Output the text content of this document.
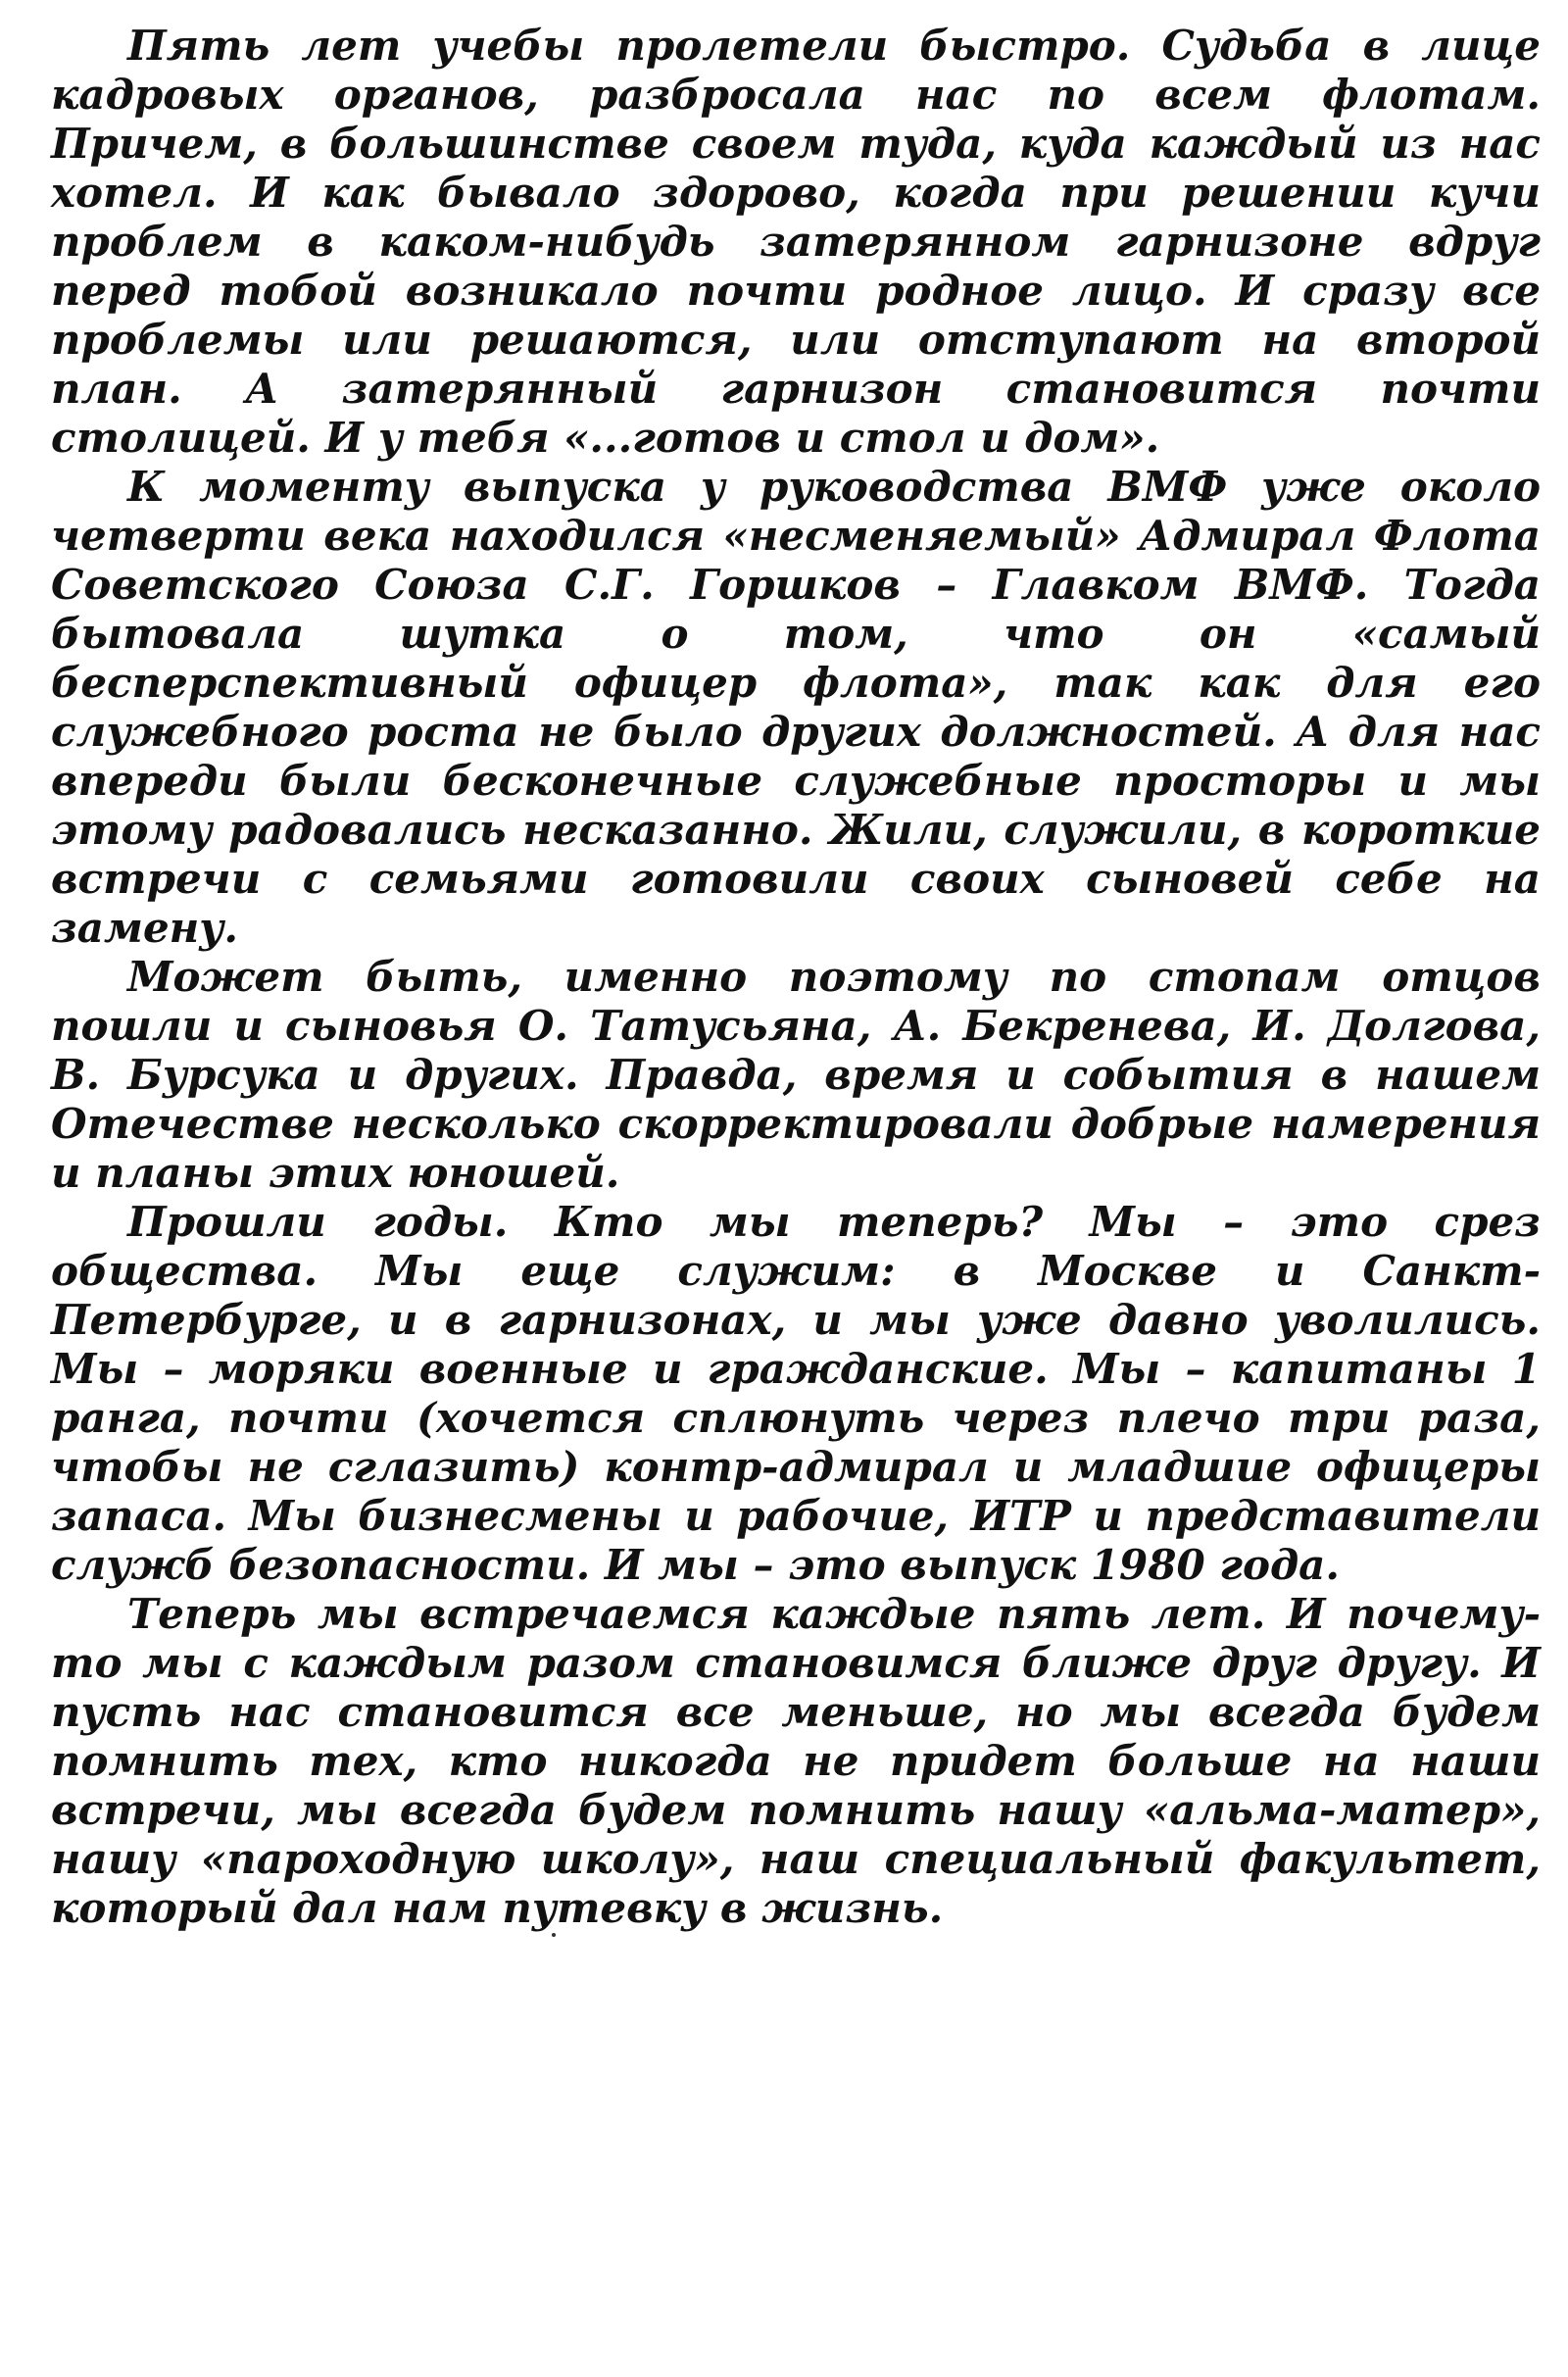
Пять лет учебы пролетели быстро. Судьба в лице кадровых органов, разбросала нас по всем флотам. Причем, в большинстве своем туда, куда каждый из нас хотел. И как бывало здорово, когда при решении кучи проблем в каком-нибудь затерянном гарнизоне вдруг перед тобой возникало почти родное лицо. И сразу все проблемы или решаются, или отступают на второй план. А затерянный гарнизон становится почти столицей. И у тебя «...готов и стол и дом».

К моменту выпуска у руководства ВМФ уже около четверти века находился «несменяемый» Адмирал Флота Советского Союза С.Г. Горшков – Главком ВМФ. Тогда бытовала шутка о том, что он «самый бесперспективный офицер флота», так как для его служебного роста не было других должностей. А для нас впереди были бесконечные служебные просторы и мы этому радовались несказанно. Жили, служили, в короткие встречи с семьями готовили своих сыновей себе на замену.

Может быть, именно поэтому по стопам отцов пошли и сыновья О. Татусьяна, А. Бекренева, И. Долгова, В. Бурсука и других. Правда, время и события в нашем Отечестве несколько скорректировали добрые намерения и планы этих юношей.

Прошли годы. Кто мы теперь? Мы – это срез общества. Мы еще служим: в Москве и Санкт-Петербурге, и в гарнизонах, и мы уже давно уволились. Мы – моряки военные и гражданские. Мы – капитаны 1 ранга, почти (хочется сплюнуть через плечо три раза, чтобы не сглазить) контр-адмирал и младшие офицеры запаса. Мы бизнесмены и рабочие, ИТР и представители служб безопасности. И мы – это выпуск 1980 года.

Теперь мы встречаемся каждые пять лет. И почему-то мы с каждым разом становимся ближе друг другу. И пусть нас становится все меньше, но мы всегда будем помнить тех, кто никогда не придет больше на наши встречи, мы всегда будем помнить нашу «альма-матер», нашу «пароходную школу», наш специальный факультет, который дал нам путевку в жизнь.
